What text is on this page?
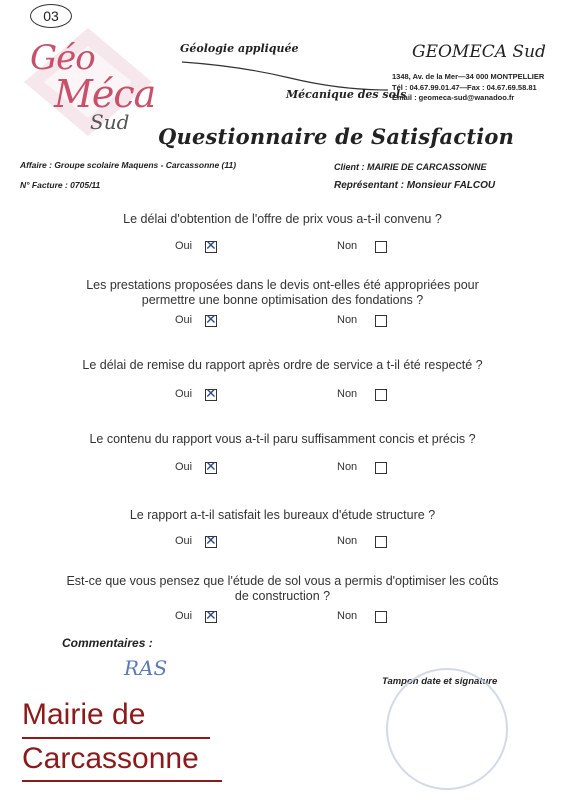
03
Géo
Méca
Sud
Géologie appliquée
Mécanique des sols
GEOMECA Sud
1348, Av. de la Mer—34 000 MONTPELLIER
Tél : 04.67.99.01.47—Fax : 04.67.69.58.81
Email : geomeca-sud@wanadoo.fr
Questionnaire de Satisfaction
Affaire : Groupe scolaire Maquens - Carcassonne (11)
N° Facture : 0705/11
Client : MAIRIE DE CARCASSONNE
Représentant : Monsieur FALCOU
Le délai d'obtention de l'offre de prix vous a-t-il convenu ?
Oui ✕	Non
Les prestations proposées dans le devis ont-elles été appropriées pour permettre une bonne optimisation des fondations ?
Oui ✕	Non
Le délai de remise du rapport après ordre de service a t-il été respecté ?
Oui ✕	Non
Le contenu du rapport vous a-t-il paru suffisamment concis et précis ?
Oui ✕	Non
Le rapport a-t-il satisfait les bureaux d'étude structure ?
Oui ✕	Non
Est-ce que vous pensez que l'étude de sol vous a permis d'optimiser les coûts de construction ?
Oui ✕	Non
Commentaires :
RAS
Tampon date et signature
Mairie de
Carcassonne
